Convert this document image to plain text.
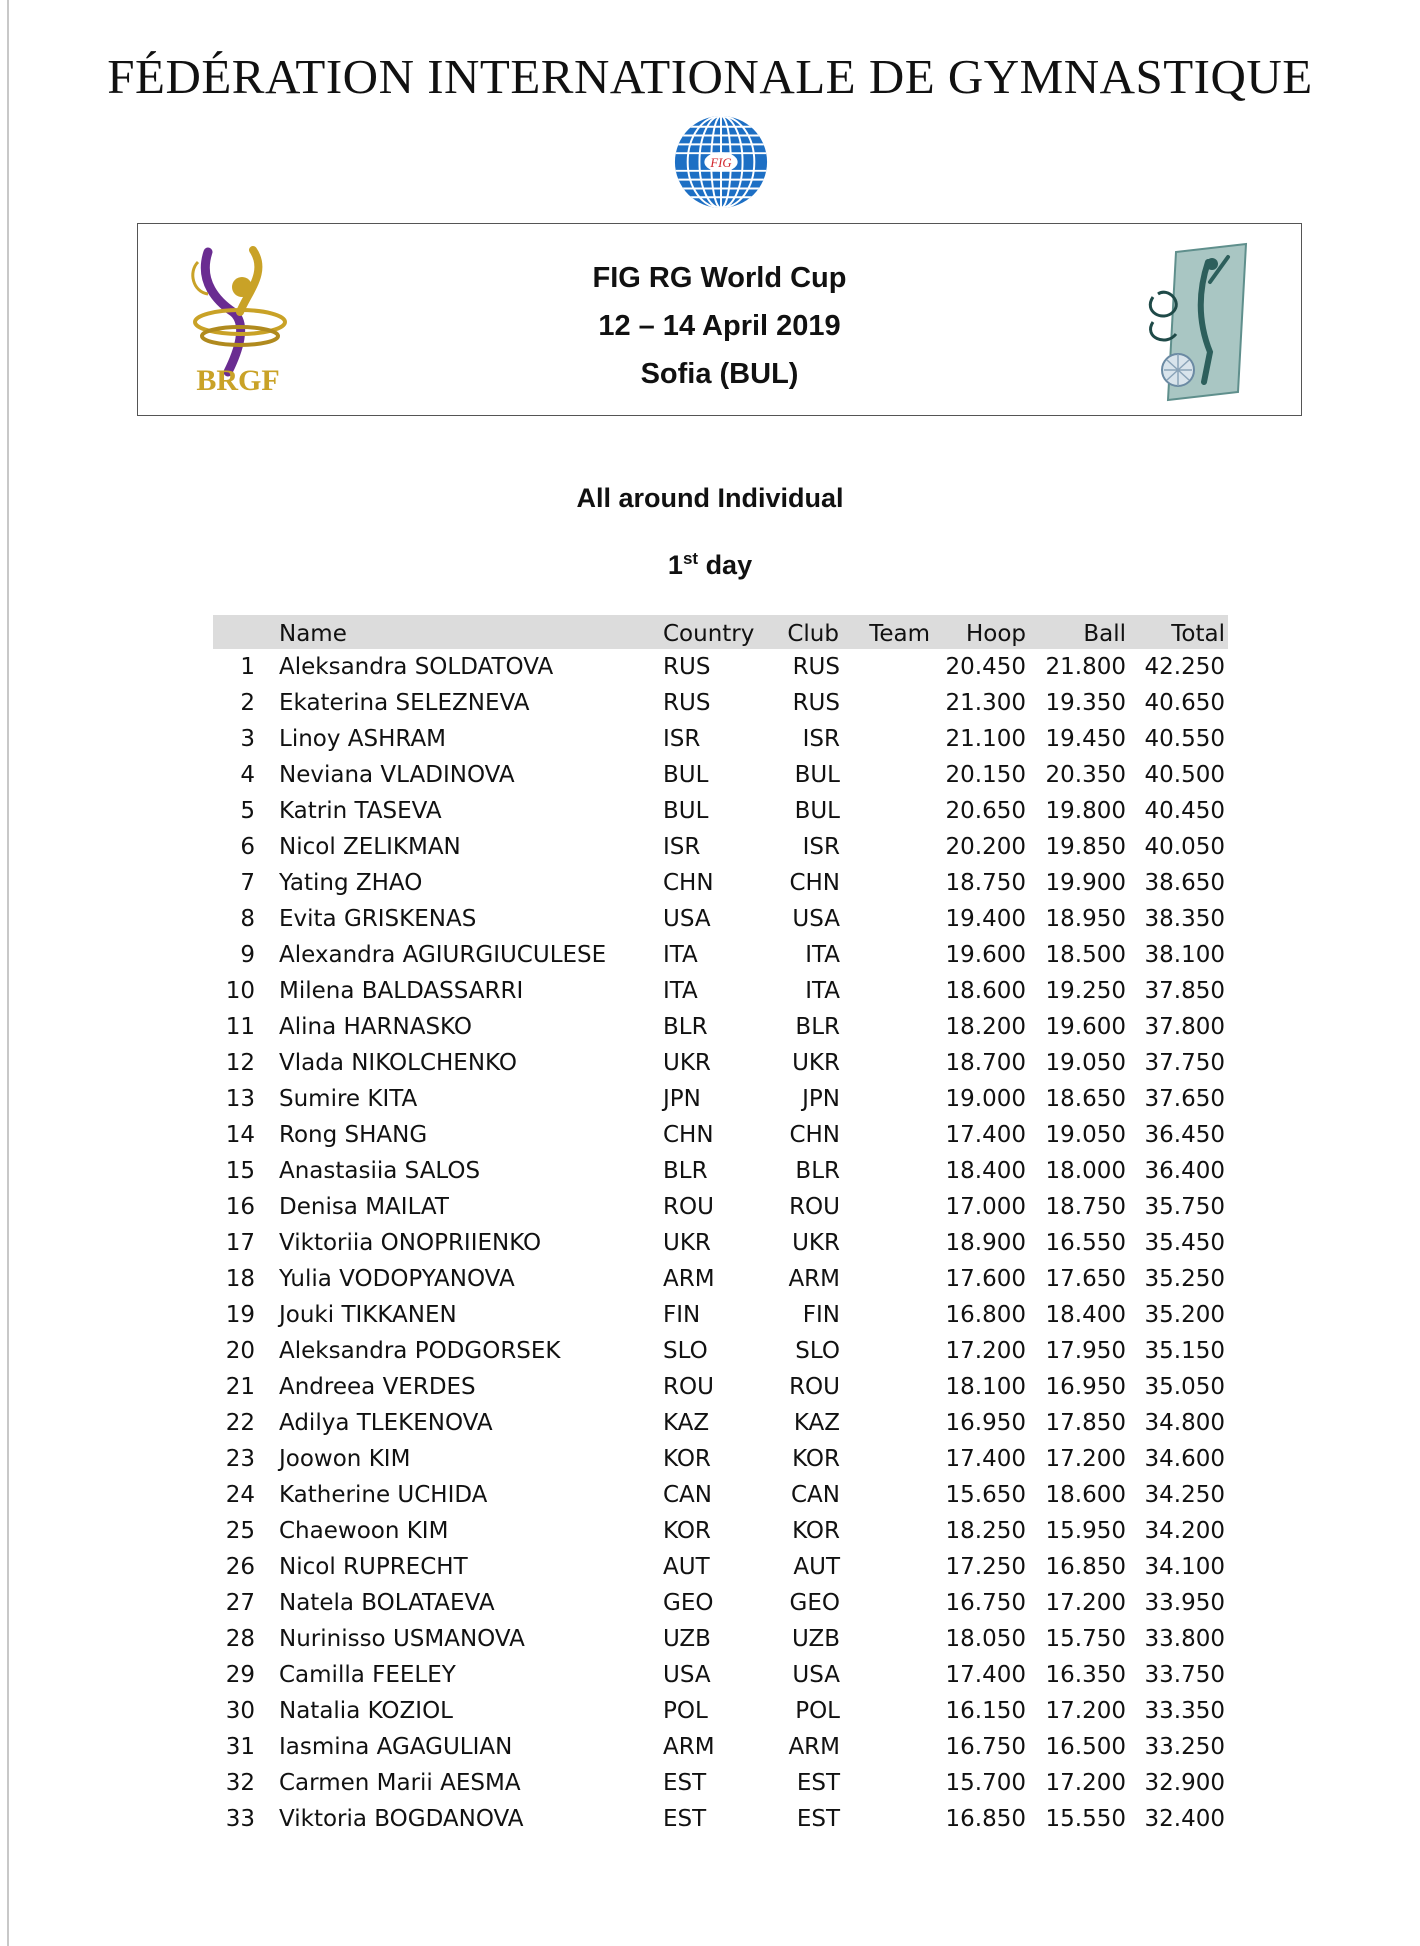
FÉDÉRATION INTERNATIONALE DE GYMNASTIQUE
FIG
BRGF
FIG RG World Cup
12 – 14 April 2019
Sofia (BUL)
All around Individual
1st day
Name	Country	Club	Team	Hoop	Ball	Total
1 Aleksandra SOLDATOVA	RUS	RUS	20.450 21.800 42.250
2 Ekaterina SELEZNEVA	RUS	RUS	21.300 19.350 40.650
3 Linoy ASHRAM	ISR	ISR	21.100 19.450 40.550
4 Neviana VLADINOVA	BUL	BUL	20.150 20.350 40.500
5 Katrin TASEVA	BUL	BUL	20.650 19.800 40.450
6 Nicol ZELIKMAN	ISR	ISR	20.200 19.850 40.050
7 Yating ZHAO	CHN	CHN	18.750 19.900 38.650
8 Evita GRISKENAS	USA	USA	19.400 18.950 38.350
9 Alexandra AGIURGIUCULESE ITA	ITA	19.600 18.500 38.100
10 Milena BALDASSARRI	ITA	ITA	18.600 19.250 37.850
11 Alina HARNASKO	BLR	BLR	18.200 19.600 37.800
12 Vlada NIKOLCHENKO	UKR	UKR	18.700 19.050 37.750
13 Sumire KITA	JPN	JPN	19.000 18.650 37.650
14 Rong SHANG	CHN	CHN	17.400 19.050 36.450
15 Anastasiia SALOS	BLR	BLR	18.400 18.000 36.400
16 Denisa MAILAT	ROU	ROU	17.000 18.750 35.750
17 Viktoriia ONOPRIIENKO	UKR	UKR	18.900 16.550 35.450
18 Yulia VODOPYANOVA	ARM	ARM	17.600 17.650 35.250
19 Jouki TIKKANEN	FIN	FIN	16.800 18.400 35.200
20 Aleksandra PODGORSEK	SLO	SLO	17.200 17.950 35.150
21 Andreea VERDES	ROU	ROU	18.100 16.950 35.050
22 Adilya TLEKENOVA	KAZ	KAZ	16.950 17.850 34.800
23 Joowon KIM	KOR	KOR	17.400 17.200 34.600
24 Katherine UCHIDA	CAN	CAN	15.650 18.600 34.250
25 Chaewoon KIM	KOR	KOR	18.250 15.950 34.200
26 Nicol RUPRECHT	AUT	AUT	17.250 16.850 34.100
27 Natela BOLATAEVA	GEO	GEO	16.750 17.200 33.950
28 Nurinisso USMANOVA	UZB	UZB	18.050 15.750 33.800
29 Camilla FEELEY	USA	USA	17.400 16.350 33.750
30 Natalia KOZIOL	POL	POL	16.150 17.200 33.350
31 Iasmina AGAGULIAN	ARM	ARM	16.750 16.500 33.250
32 Carmen Marii AESMA	EST	EST	15.700 17.200 32.900
33 Viktoria BOGDANOVA	EST	EST	16.850 15.550 32.400
